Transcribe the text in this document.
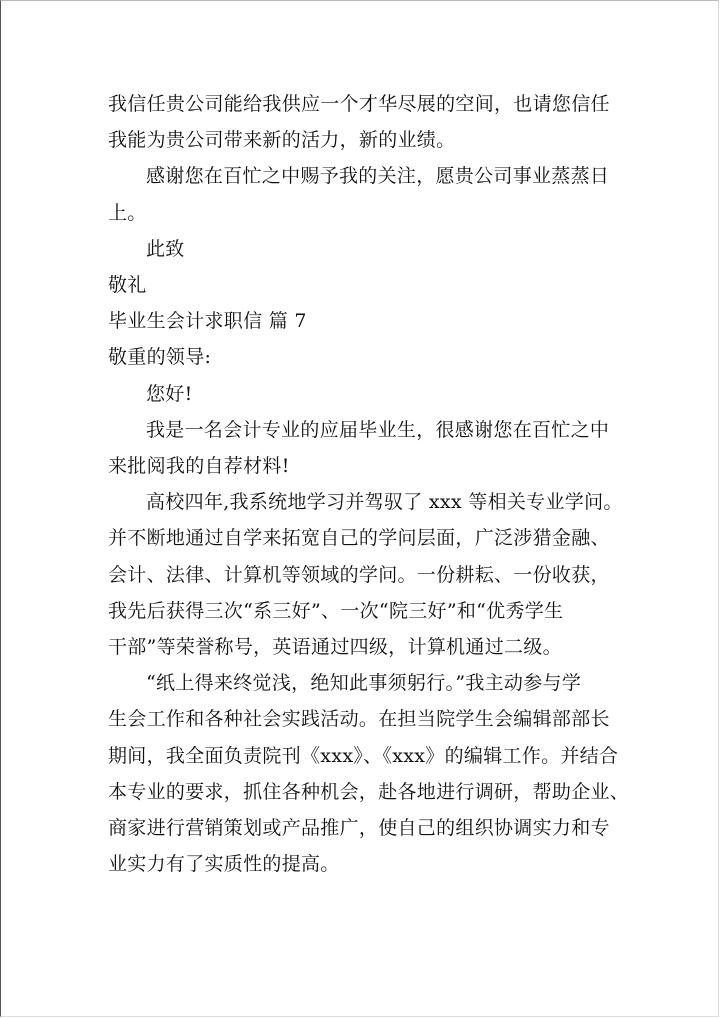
我信任贵公司能给我供应一个才华尽展的空间，也请您信任
我能为贵公司带来新的活力，新的业绩。
感谢您在百忙之中赐予我的关注，愿贵公司事业蒸蒸日
上。
此致
敬礼
毕业生会计求职信 篇 7
敬重的领导:
您好!
我是一名会计专业的应届毕业生，很感谢您在百忙之中
来批阅我的自荐材料!
高校四年,我系统地学习并驾驭了 xxx 等相关专业学问。
并不断地通过自学来拓宽自己的学问层面，广泛涉猎金融、
会计、法律、计算机等领域的学问。一份耕耘、一份收获，
我先后获得三次“系三好”、一次“院三好”和“优秀学生
干部”等荣誉称号，英语通过四级，计算机通过二级。
“纸上得来终觉浅，绝知此事须躬行。”我主动参与学
生会工作和各种社会实践活动。在担当院学生会编辑部部长
期间，我全面负责院刊《xxx》、《xxx》的编辑工作。并结合
本专业的要求，抓住各种机会，赴各地进行调研，帮助企业、
商家进行营销策划或产品推广，使自己的组织协调实力和专
业实力有了实质性的提高。
